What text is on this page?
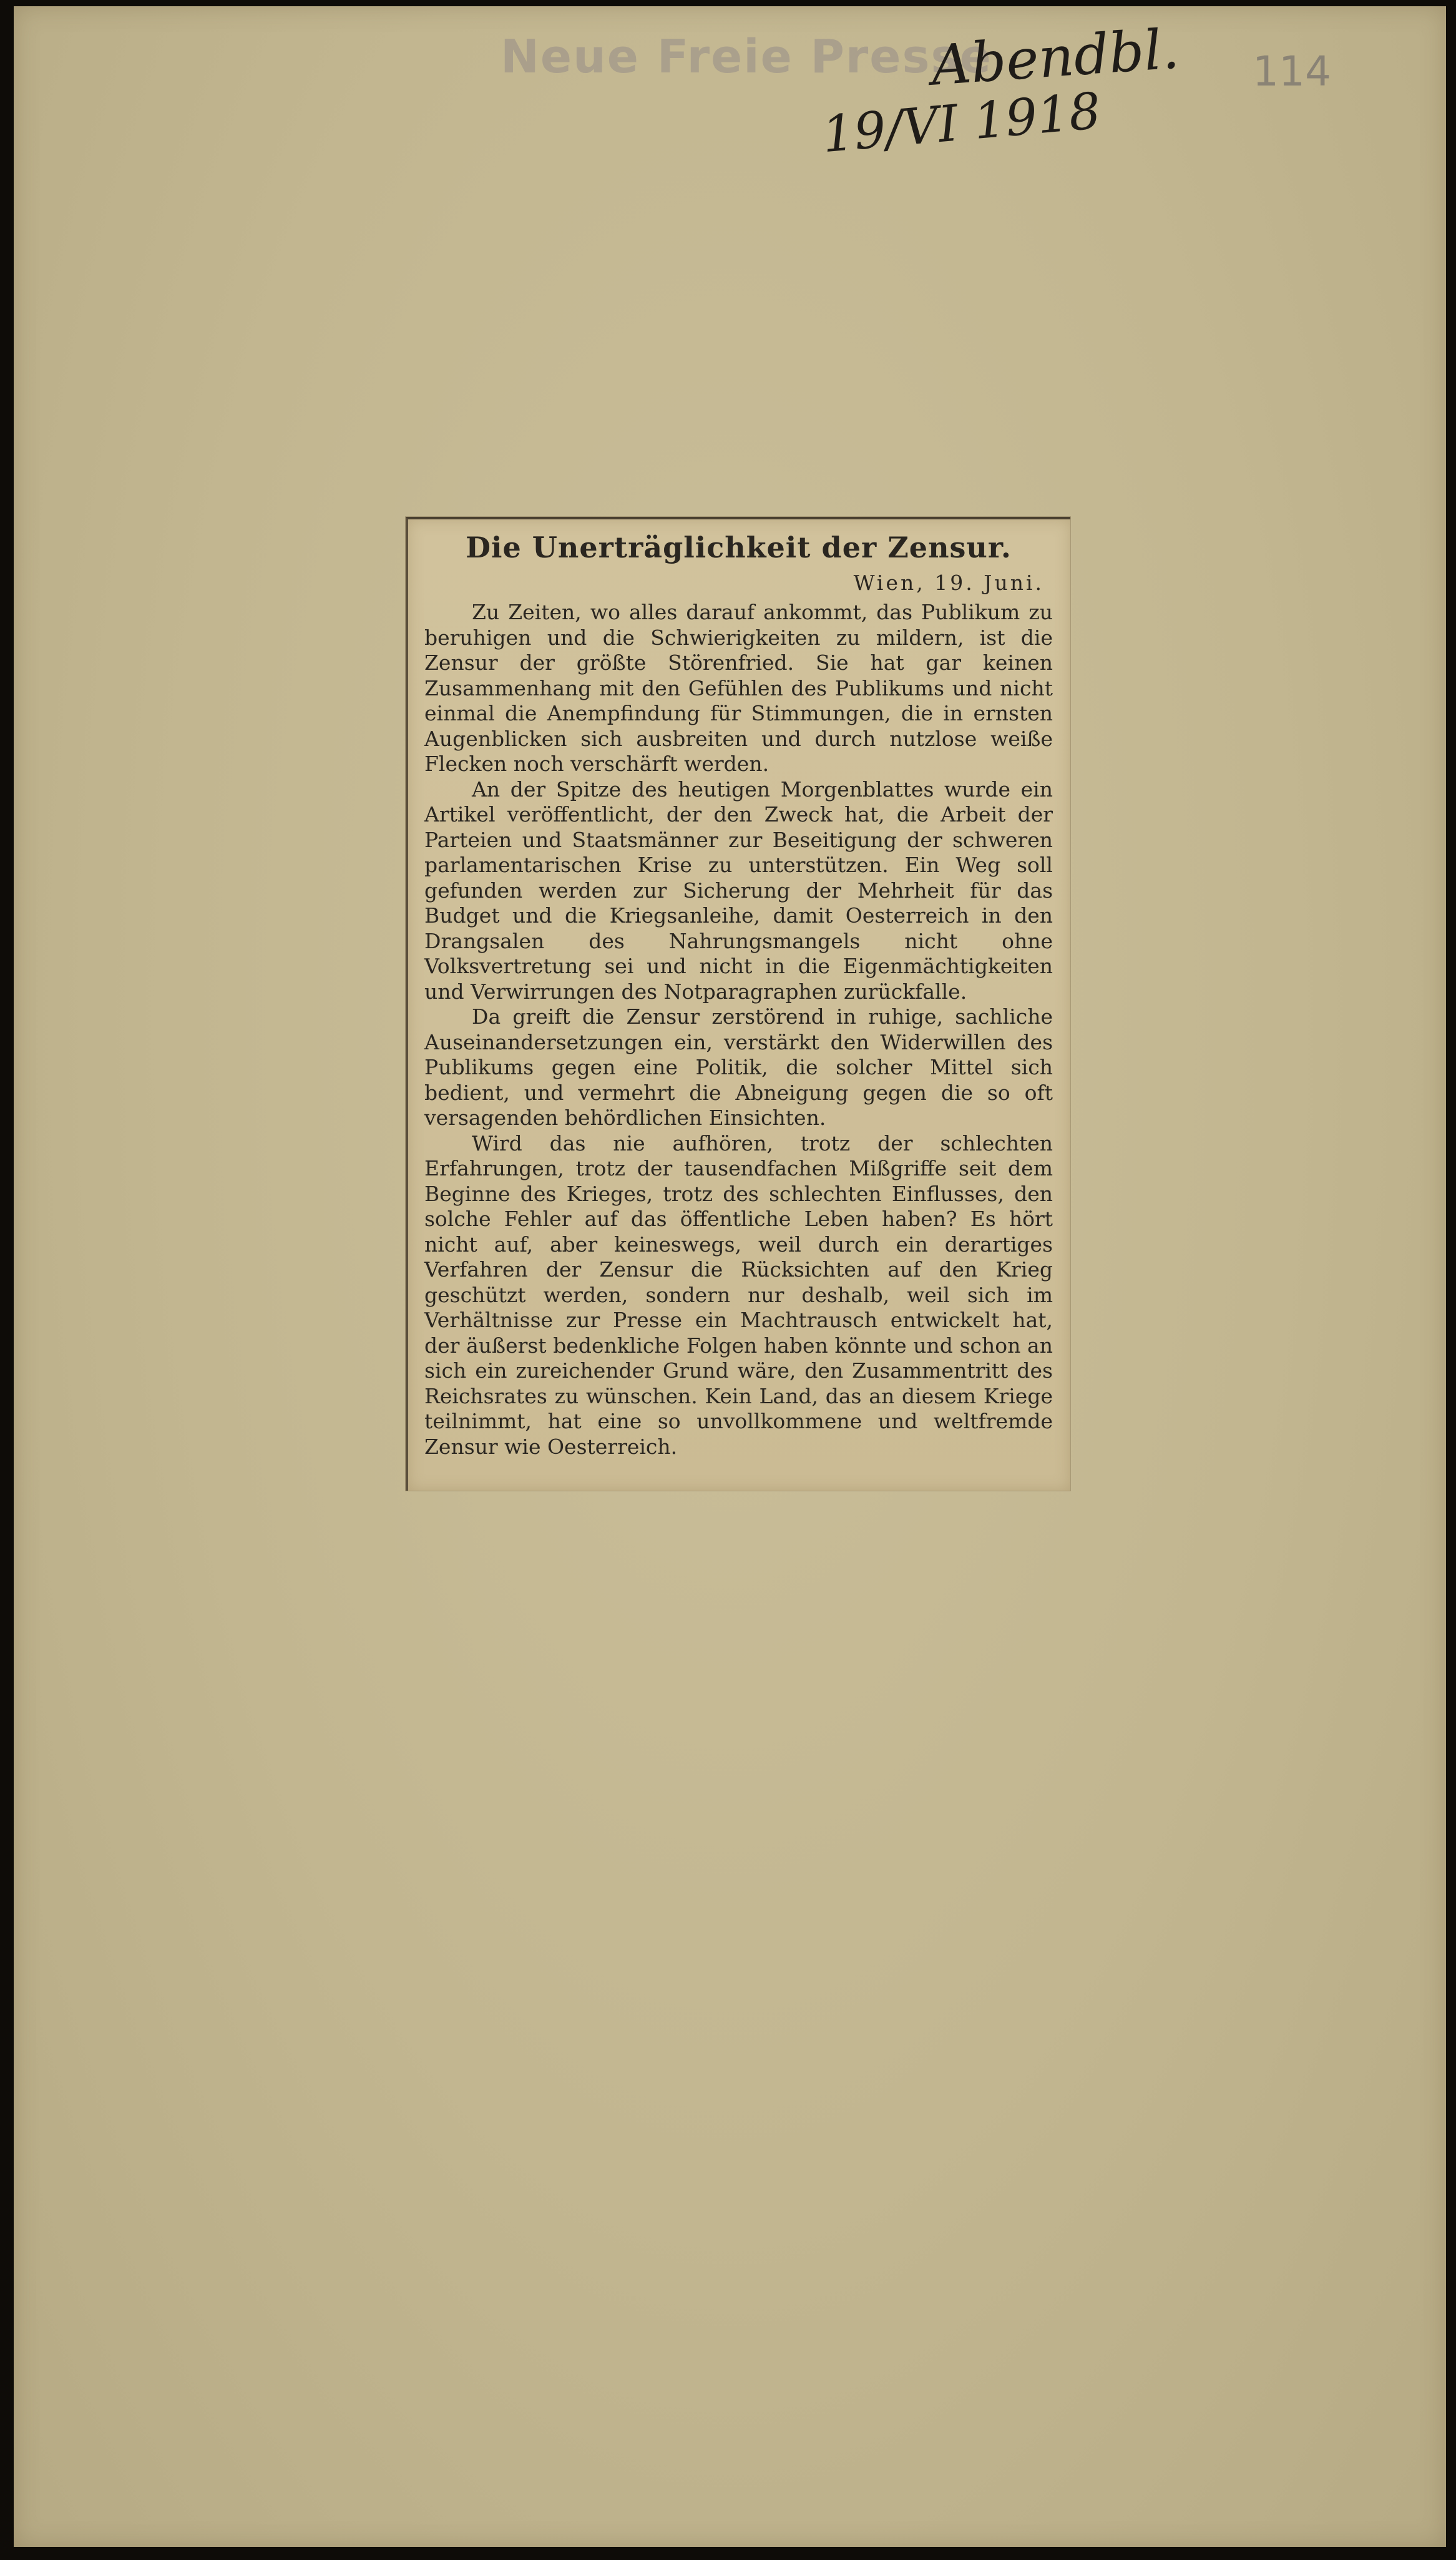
Neue Freie Presse
Abendbl.
19/VI 1918
114
Die Unerträglichkeit der Zensur.
Wien, 19. Juni.

Zu Zeiten, wo alles darauf ankommt, das Publikum zu beruhigen und die Schwierigkeiten zu mildern, ist die Zensur der größte Störenfried. Sie hat gar keinen Zusammenhang mit den Gefühlen des Publikums und nicht einmal die Anempfindung für Stimmungen, die in ernsten Augenblicken sich ausbreiten und durch nutzlose weiße Flecken noch verschärft werden.

An der Spitze des heutigen Morgenblattes wurde ein Artikel veröffentlicht, der den Zweck hat, die Arbeit der Parteien und Staatsmänner zur Beseitigung der schweren parlamentarischen Krise zu unterstützen. Ein Weg soll gefunden werden zur Sicherung der Mehrheit für das Budget und die Kriegsanleihe, damit Oesterreich in den Drangsalen des Nahrungsmangels nicht ohne Volksvertretung sei und nicht in die Eigenmächtigkeiten und Verwirrungen des Notparagraphen zurückfalle.

Da greift die Zensur zerstörend in ruhige, sachliche Auseinandersetzungen ein, verstärkt den Widerwillen des Publikums gegen eine Politik, die solcher Mittel sich bedient, und vermehrt die Abneigung gegen die so oft versagenden behördlichen Einsichten.

Wird das nie aufhören, trotz der schlechten Erfahrungen, trotz der tausendfachen Mißgriffe seit dem Beginne des Krieges, trotz des schlechten Einflusses, den solche Fehler auf das öffentliche Leben haben? Es hört nicht auf, aber keineswegs, weil durch ein derartiges Verfahren der Zensur die Rücksichten auf den Krieg geschützt werden, sondern nur deshalb, weil sich im Verhältnisse zur Presse ein Machtrausch entwickelt hat, der äußerst bedenkliche Folgen haben könnte und schon an sich ein zureichender Grund wäre, den Zusammentritt des Reichsrates zu wünschen. Kein Land, das an diesem Kriege teilnimmt, hat eine so unvollkommene und weltfremde Zensur wie Oesterreich.
